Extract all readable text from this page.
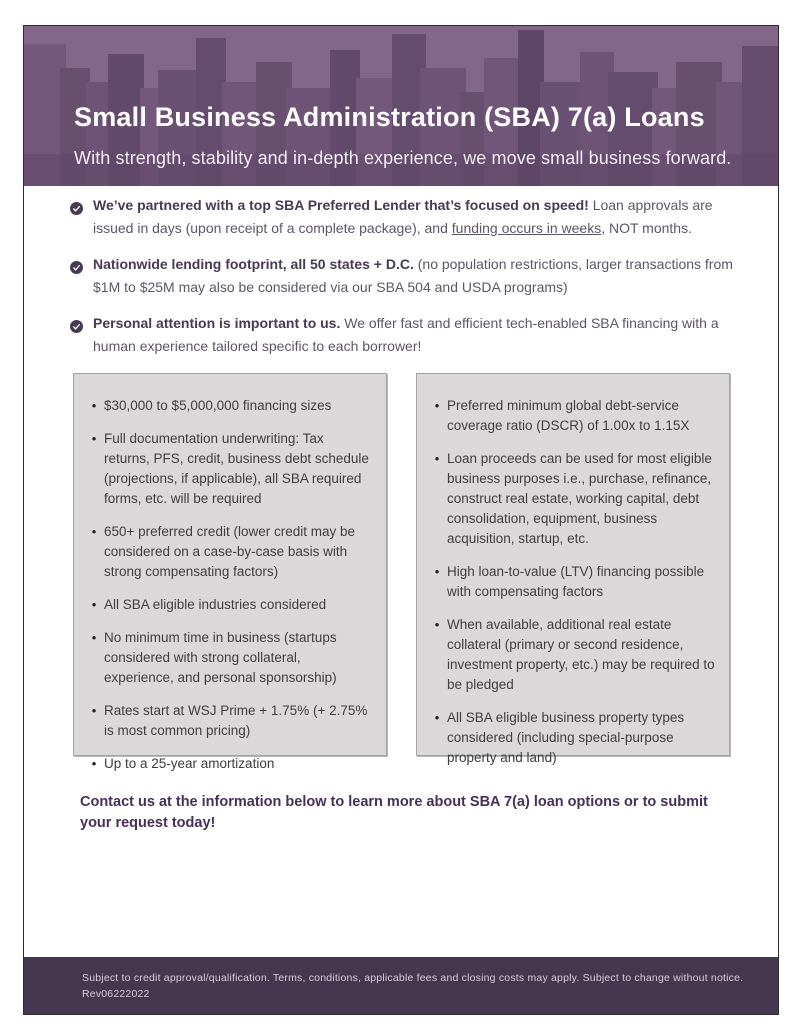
Small Business Administration (SBA) 7(a) Loans

With strength, stability and in-depth experience, we move small business forward.

We’ve partnered with a top SBA Preferred Lender that’s focused on speed! Loan approvals are issued in days (upon receipt of a complete package), and funding occurs in weeks, NOT months.
Nationwide lending footprint, all 50 states + D.C. (no population restrictions, larger transactions from $1M to $25M may also be considered via our SBA 504 and USDA programs)
Personal attention is important to us. We offer fast and efficient tech-enabled SBA financing with a human experience tailored specific to each borrower!
• $30,000 to $5,000,000 financing sizes
• Full documentation underwriting: Tax returns, PFS, credit, business debt schedule (projections, if applicable), all SBA required forms, etc. will be required
• 650+ preferred credit (lower credit may be considered on a case-by-case basis with strong compensating factors)
• All SBA eligible industries considered
• No minimum time in business (startups considered with strong collateral, experience, and personal sponsorship)
• Rates start at WSJ Prime + 1.75% (+ 2.75% is most common pricing)
• Up to a 25-year amortization
• Preferred minimum global debt-service coverage ratio (DSCR) of 1.00x to 1.15X
• Loan proceeds can be used for most eligible business purposes i.e., purchase, refinance, construct real estate, working capital, debt consolidation, equipment, business acquisition, startup, etc.
• High loan-to-value (LTV) financing possible with compensating factors
• When available, additional real estate collateral (primary or second residence, investment property, etc.) may be required to be pledged
• All SBA eligible business property types considered (including special-purpose property and land)

Contact us at the information below to learn more about SBA 7(a) loan options or to submit
your request today!

Subject to credit approval/qualification. Terms, conditions, applicable fees and closing costs may apply. Subject to change without notice.

Rev06222022
